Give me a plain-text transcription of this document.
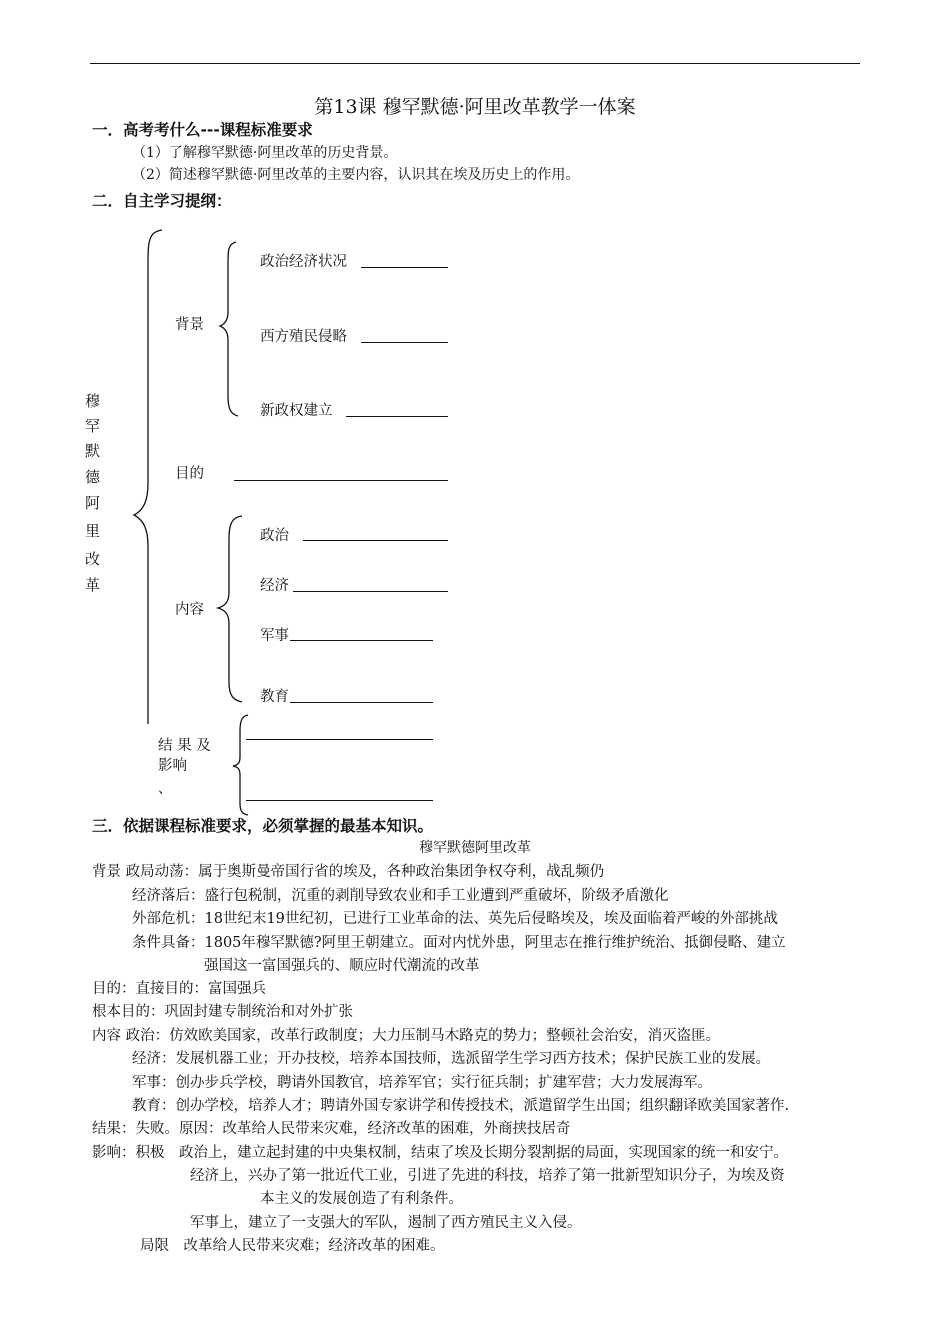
第13课 穆罕默德·阿里改革教学一体案
一．高考考什么---课程标准要求
（1）了解穆罕默德·阿里改革的历史背景。
（2）简述穆罕默德·阿里改革的主要内容，认识其在埃及历史上的作用。
二．自主学习提纲：
穆
罕
默
德
阿
里
改
革
背景
政治经济状况
西方殖民侵略
新政权建立
目的
内容
政治
经济
军事
教育
结 果 及
影响
、
三．依据课程标准要求，必须掌握的最基本知识。
穆罕默德阿里改革
背景 政局动荡：属于奥斯曼帝国行省的埃及，各种政治集团争权夺利，战乱频仍
经济落后：盛行包税制，沉重的剥削导致农业和手工业遭到严重破坏，阶级矛盾激化
外部危机：18世纪末19世纪初，已进行工业革命的法、英先后侵略埃及，埃及面临着严峻的外部挑战
条件具备：1805年穆罕默德?阿里王朝建立。面对内忧外患，阿里志在推行维护统治、抵御侵略、建立
强国这一富国强兵的、顺应时代潮流的改革
目的：直接目的：富国强兵
根本目的：巩固封建专制统治和对外扩张
内容 政治：仿效欧美国家，改革行政制度；大力压制马木路克的势力；整顿社会治安，消灭盗匪。
经济：发展机器工业；开办技校，培养本国技师，选派留学生学习西方技术；保护民族工业的发展。
军事：创办步兵学校，聘请外国教官，培养军官；实行征兵制；扩建军营；大力发展海军。
教育：创办学校，培养人才；聘请外国专家讲学和传授技术，派遣留学生出国；组织翻译欧美国家著作.
结果：失败。原因：改革给人民带来灾难，经济改革的困难，外商挟技居奇
影响：积极　政治上，建立起封建的中央集权制，结束了埃及长期分裂割据的局面，实现国家的统一和安宁。
经济上，兴办了第一批近代工业，引进了先进的科技，培养了第一批新型知识分子，为埃及资
本主义的发展创造了有利条件。
军事上，建立了一支强大的军队，遏制了西方殖民主义入侵。
局限　改革给人民带来灾难；经济改革的困难。
